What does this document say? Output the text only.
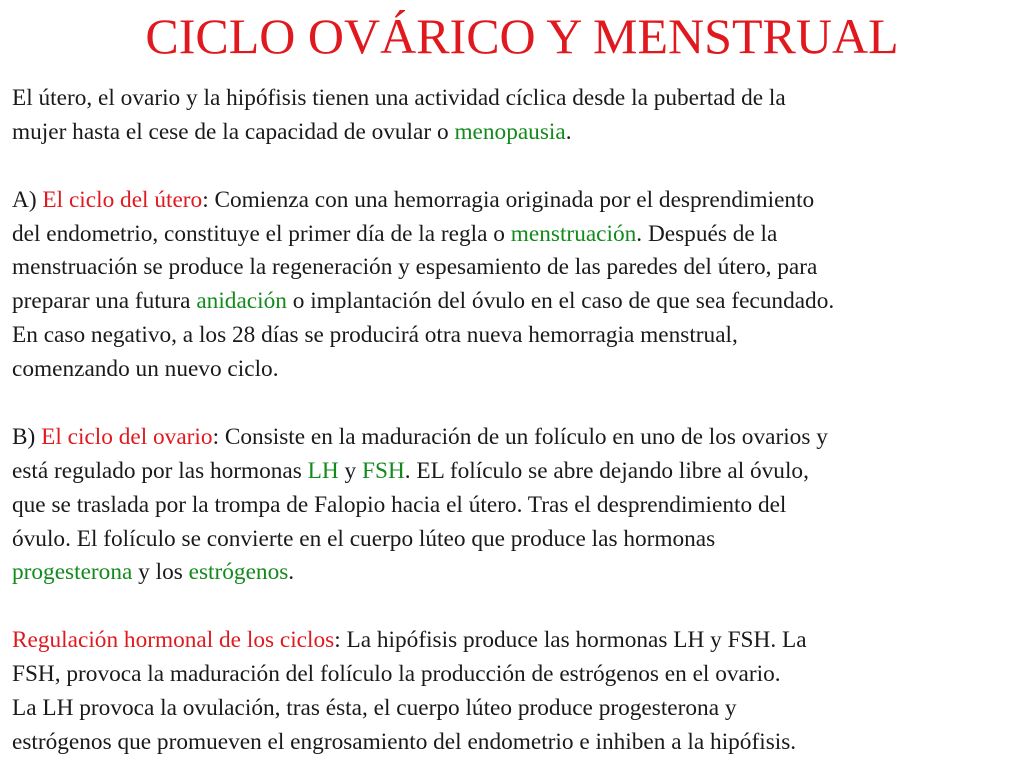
CICLO OVÁRICO Y MENSTRUAL
El útero, el ovario y la hipófisis tienen una actividad cíclica desde la pubertad de la
mujer hasta el cese de la capacidad de ovular o menopausia.
A) El ciclo del útero: Comienza con una hemorragia originada por el desprendimiento
del endometrio, constituye el primer día de la regla o menstruación. Después de la
menstruación se produce la regeneración y espesamiento de las paredes del útero, para
preparar una futura anidación o implantación del óvulo en el caso de que sea fecundado.
En caso negativo, a los 28 días se producirá otra nueva hemorragia menstrual,
comenzando un nuevo ciclo.
B) El ciclo del ovario: Consiste en la maduración de un folículo en uno de los ovarios y
está regulado por las hormonas LH y FSH. EL folículo se abre dejando libre al óvulo,
que se traslada por la trompa de Falopio hacia el útero. Tras el desprendimiento del
óvulo. El folículo se convierte en el cuerpo lúteo que produce las hormonas
progesterona y los estrógenos.
Regulación hormonal de los ciclos: La hipófisis produce las hormonas LH y FSH. La
FSH, provoca la maduración del folículo la producción de estrógenos en el ovario.
La LH provoca la ovulación, tras ésta, el cuerpo lúteo produce progesterona y
estrógenos que promueven el engrosamiento del endometrio e inhiben a la hipófisis.
